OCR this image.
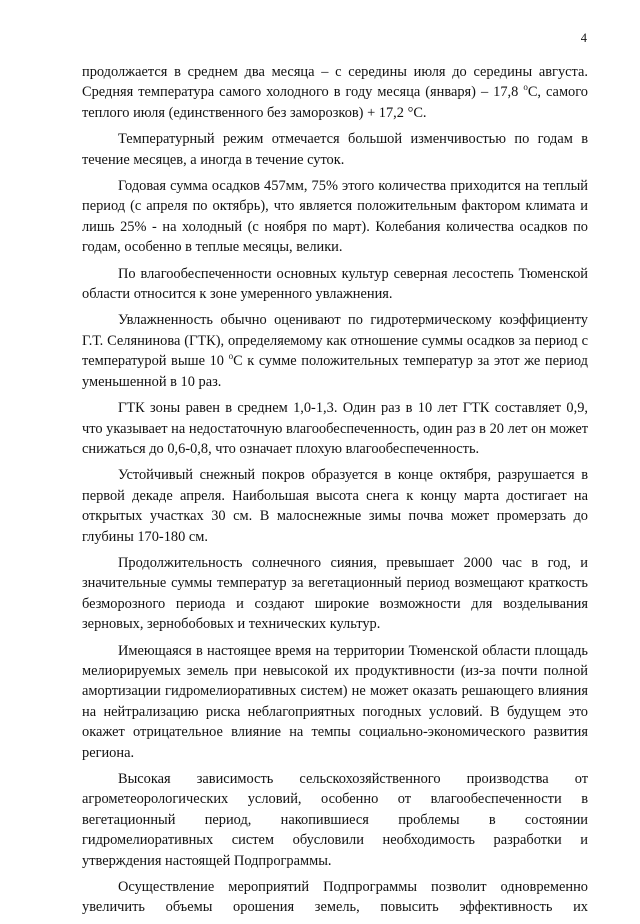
4

продолжается в среднем два месяца – с середины июля до середины августа. Средняя температура самого холодного в году месяца (января) – 17,8 $^о$С, самого теплого июля (единственного без заморозков) + 17,2 °С.

Температурный режим отмечается большой изменчивостью по годам в течение месяцев, а иногда в течение суток.

Годовая сумма осадков 457мм, 75% этого количества приходится на теплый период (с апреля по октябрь), что является положительным фактором климата и лишь 25% - на холодный (с ноября по март). Колебания количества осадков по годам, особенно в теплые месяцы, велики.

По влагообеспеченности основных культур северная лесостепь Тюменской области относится к зоне умеренного увлажнения.

Увлажненность обычно оценивают по гидротермическому коэффициенту Г.Т. Селянинова (ГТК), определяемому как отношение суммы осадков за период с температурой выше 10 $^о$С к сумме положительных температур за этот же период уменьшенной в 10 раз.

ГТК зоны равен в среднем 1,0-1,3. Один раз в 10 лет ГТК составляет 0,9, что указывает на недостаточную влагообеспеченность, один раз в 20 лет он может снижаться до 0,6-0,8, что означает плохую влагообеспеченность.

Устойчивый снежный покров образуется в конце октября, разрушается в первой декаде апреля. Наибольшая высота снега к концу марта достигает на открытых участках 30 см. В малоснежные зимы почва может промерзать до глубины 170-180 см.

Продолжительность солнечного сияния, превышает 2000 час в год, и значительные суммы температур за вегетационный период возмещают краткость безморозного периода и создают широкие возможности для возделывания зерновых, зернобобовых и технических культур.

Имеющаяся в настоящее время на территории Тюменской области площадь мелиорируемых земель при невысокой их продуктивности (из-за почти полной амортизации гидромелиоративных систем) не может оказать решающего влияния на нейтрализацию риска неблагоприятных погодных условий. В будущем это окажет отрицательное влияние на темпы социально-экономического развития региона.

Высокая зависимость сельскохозяйственного производства от агрометеорологических условий, особенно от влагообеспеченности в вегетационный период, накопившиеся проблемы в состоянии гидромелиоративных систем обусловили необходимость разработки и утверждения настоящей Подпрограммы.

Осуществление мероприятий Подпрограммы позволит одновременно увеличить объемы орошения земель, повысить эффективность их
